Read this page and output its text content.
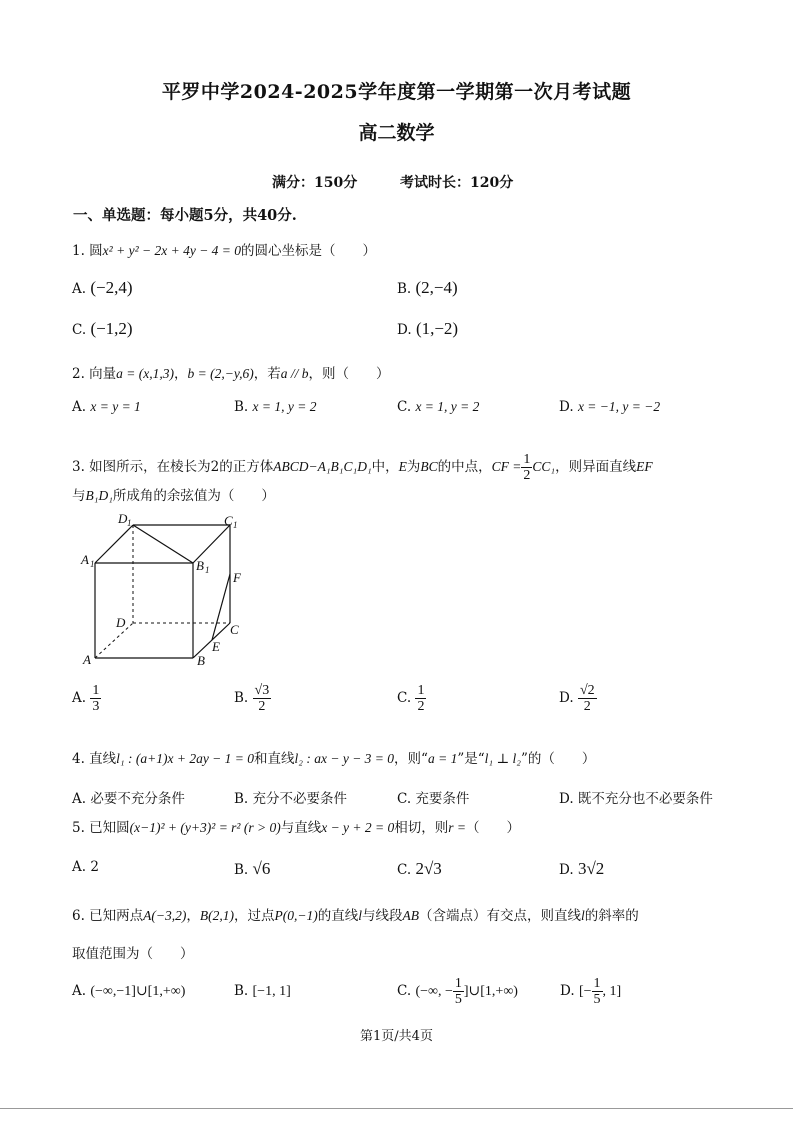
平罗中学2024-2025学年度第一学期第一次月考试题
高二数学
满分：150分	考试时长：120分
一、单选题：每小题5分，共40分.
1. 圆x² + y² − 2x + 4y − 4 = 0的圆心坐标是（　　）
A. (−2,4)	B. (2,−4)
C. (−1,2)	D. (1,−2)
2. 向量a = (x,1,3)，b = (2,−y,6)，若a // b，则（　　）
A. x = y = 1	B. x = 1, y = 2	C. x = 1, y = 2	D. x = −1, y = −2
3. 如图所示，在棱长为2的正方体ABCD−A₁B₁C₁D₁中，E为BC的中点，CF = $\frac{1}{2} CC_1$，则异面直线EF
与B₁D₁所成角的余弦值为（　　）
D 1	C 1
A 1	B 1 F
D	C
E
A	B
A. $\frac{1}{3}$	B. $\frac{√3}{2}$	C. $\frac{1}{2}$	D. $\frac{√2}{2}$
4. 直线l₁ : (a+1)x + 2ay − 1 = 0和直线l₂ : ax − y − 3 = 0，则“a = 1”是“l₁ ⊥ l₂”的（　　）
A. 必要不充分条件	B. 充分不必要条件	C. 充要条件	D. 既不充分也不必要条件
5. 已知圆(x−1)² + (y+3)² = r² (r > 0)与直线x − y + 2 = 0相切，则r =（　　）
A. 2	B. √6	C. 2√3	D. 3√2
6. 已知两点A(−3,2)，B(2,1)，过点P(0,−1)的直线l与线段AB（含端点）有交点，则直线l的斜率的
取值范围为（　　）
A. (−∞,−1]∪[1,+∞)	B. [−1, 1]	C. (−∞, − $\frac{1}{5}$ ]∪[1,+∞)	D. [− $\frac{1}{5}$ , 1]
第1页/共4页
